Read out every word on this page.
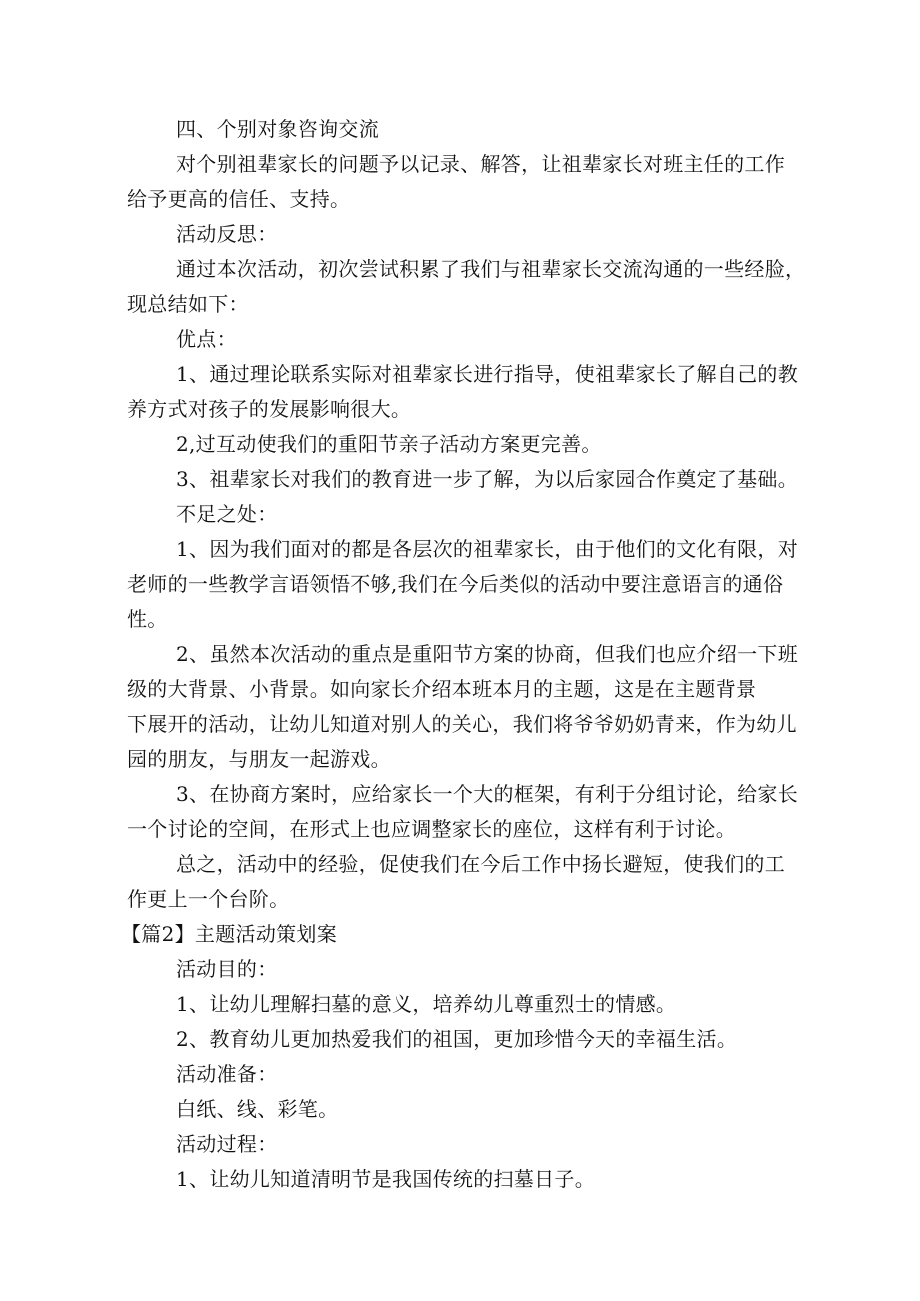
四、个别对象咨询交流
对个别祖辈家长的问题予以记录、解答，让祖辈家长对班主任的工作
给予更高的信任、支持。
活动反思：
通过本次活动，初次尝试积累了我们与祖辈家长交流沟通的一些经脸，
现总结如下：
优点：
1、通过理论联系实际对祖辈家长进行指导，使祖辈家长了解自己的教
养方式对孩子的发展影响很大。
2,过互动使我们的重阳节亲子活动方案更完善。
3、祖辈家长对我们的教育进一步了解，为以后家园合作奠定了基础。
不足之处：
1、因为我们面对的都是各层次的祖辈家长，由于他们的文化有限，对
老师的一些教学言语领悟不够,我们在今后类似的活动中要注意语言的通俗
性。
2、虽然本次活动的重点是重阳节方案的协商，但我们也应介绍一下班
级的大背景、小背景。如向家长介绍本班本月的主题，这是在主题背景
下展开的活动，让幼儿知道对别人的关心，我们将爷爷奶奶青来，作为幼儿
园的朋友，与朋友一起游戏。
3、在协商方案时，应给家长一个大的框架，有利于分组讨论，给家长
一个讨论的空间，在形式上也应调整家长的座位，这样有利于讨论。
总之，活动中的经验，促使我们在今后工作中扬长避短，使我们的工
作更上一个台阶。
【篇2】主题活动策划案
活动目的：
1、让幼儿理解扫墓的意义，培养幼儿尊重烈士的情感。
2、教育幼儿更加热爱我们的祖国，更加珍惜今天的幸福生活。
活动准备：
白纸、线、彩笔。
活动过程：
1、让幼儿知道清明节是我国传统的扫墓日子。
